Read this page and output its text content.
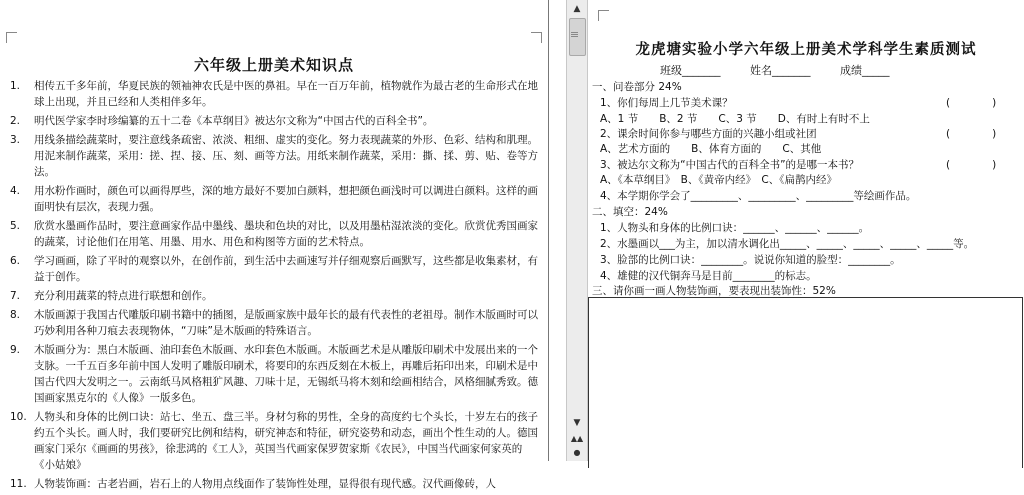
六年级上册美术知识点
1. 相传五千多年前，华夏民族的领袖神农氏是中医的鼻祖。早在一百万年前，植物就作为最古老的生命形式在地球上出现，并且已经和人类相伴多年。
2. 明代医学家李时珍编纂的五十二卷《本草纲目》被达尔文称为“中国古代的百科全书”。
3. 用线条描绘蔬菜时，要注意线条疏密、浓淡、粗细、虚实的变化。努力表现蔬菜的外形、色彩、结构和肌理。用泥来制作蔬菜，采用：搓、捏、接、压、刻、画等方法。用纸来制作蔬菜，采用：撕、揉、剪、贴、卷等方法。
4. 用水粉作画时，颜色可以画得厚些，深的地方最好不要加白颜料，想把颜色画浅时可以调进白颜料。这样的画面明快有层次，表现力强。
5. 欣赏水墨画作品时，要注意画家作品中墨线、墨块和色块的对比，以及用墨枯湿浓淡的变化。欣赏优秀国画家的蔬菜，讨论他们在用笔、用墨、用水、用色和构图等方面的艺术特点。
6. 学习画画，除了平时的观察以外，在创作前，到生活中去画速写并仔细观察后画默写，这些都是收集素材，有益于创作。
7. 充分利用蔬菜的特点进行联想和创作。
8. 木版画源于我国古代雕版印刷书籍中的插图，是版画家族中最年长的最有代表性的老祖母。制作木版画时可以巧妙利用各种刀痕去表现物体，“刀味”是木版画的特殊语言。
9. 木版画分为：黑白木版画、油印套色木版画、水印套色木版画。木版画艺术是从雕版印刷术中发展出来的一个支脉。一千五百多年前中国人发明了雕版印刷术，将要印的东西反刻在木板上，再雕后拓印出来，印刷术是中国古代四大发明之一。云南纸马风格粗犷风趣、刀味十足，无锡纸马将木刻和绘画相结合，风格细腻秀致。德国画家黑克尔的《人像》一版多色。
10. 人物头和身体的比例口诀：站七、坐五、盘三半。身材匀称的男性，全身的高度约七个头长，十岁左右的孩子约五个头长。画人时，我们要研究比例和结构，研究神态和特征，研究姿势和动态，画出个性生动的人。德国画家门采尔《画画的男孩》，徐悲鸿的《工人》，英国当代画家保罗贺家斯《农民》，中国当代画家何家英的《小姑娘》
11. 人物装饰画：古老岩画，岩石上的人物用点线面作了装饰性处理，显得很有现代感。汉代画像砖，人
▲
▼
▲▲
●
龙虎塘实验小学六年级上册美术学科学生素质测试
班级_______	姓名_______	成绩_____
一、问卷部分 24%
1、你们每周上几节美术课？	(　　　　)
A、1 节　　B、2 节　　C、3 节　　D、有时上有时不上
2、课余时间你参与哪些方面的兴趣小组或社团	(　　　　)
A、艺术方面的　　B、体育方面的　　C、其他
3、被达尔文称为“中国古代的百科全书”的是哪一本书？	(　　　　)
A、《本草纲目》　B、《黄帝内经》　C、《扁鹊内经》
4、本学期你学会了_________、_________、_________等绘画作品。
二、填空：24%
1、人物头和身体的比例口诀：______、______、______。
2、水墨画以___为主，加以清水调化出_____、_____、_____、_____、_____等。
3、脸部的比例口诀：________。说说你知道的脸型：________。
4、雄健的汉代铜奔马是目前________的标志。
三、请你画一画人物装饰画，要表现出装饰性：52%
